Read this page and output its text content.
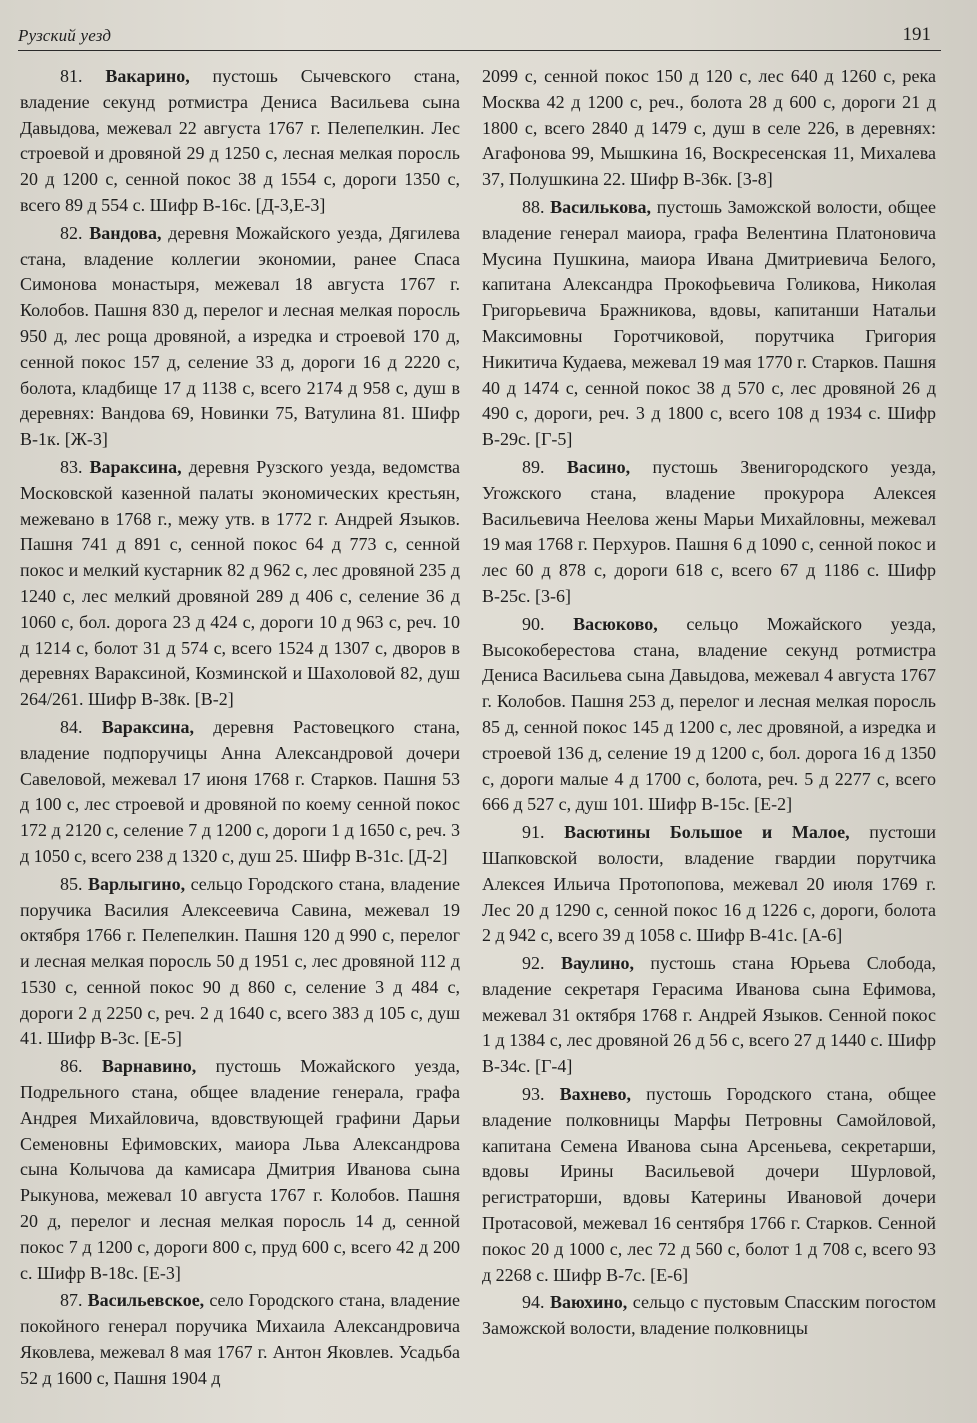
Рузский уезд	191

81. Вакарино, пустошь Сычевского стана, владение секунд ротмистра Дениса Васильева сына Давыдова, межевал 22 августа 1767 г. Пелепелкин. Лес строевой и дровяной 29 д 1250 с, лесная мелкая поросль 20 д 1200 с, сенной покос 38 д 1554 с, дороги 1350 с, всего 89 д 554 с. Шифр В-16с. [Д-3,Е-3]

82. Вандова, деревня Можайского уезда, Дягилева стана, владение коллегии экономии, ранее Спаса Симонова монастыря, межевал 18 августа 1767 г. Колобов. Пашня 830 д, перелог и лесная мелкая поросль 950 д, лес роща дровяной, а изредка и строевой 170 д, сенной покос 157 д, селение 33 д, дороги 16 д 2220 с, болота, кладбище 17 д 1138 с, всего 2174 д 958 с, душ в деревнях: Вандова 69, Новинки 75, Ватулина 81. Шифр В-1к. [Ж-3]

83. Вараксина, деревня Рузского уезда, ведомства Московской казенной палаты экономических крестьян, межевано в 1768 г., межу утв. в 1772 г. Андрей Языков. Пашня 741 д 891 с, сенной покос 64 д 773 с, сенной покос и мелкий кустарник 82 д 962 с, лес дровяной 235 д 1240 с, лес мелкий дровяной 289 д 406 с, селение 36 д 1060 с, бол. дорога 23 д 424 с, дороги 10 д 963 с, реч. 10 д 1214 с, болот 31 д 574 с, всего 1524 д 1307 с, дворов в деревнях Вараксиной, Козминской и Шахоловой 82, душ 264/261. Шифр В-38к. [В-2]

84. Вараксина, деревня Растовецкого стана, владение подпоручицы Анна Александровой дочери Савеловой, межевал 17 июня 1768 г. Старков. Пашня 53 д 100 с, лес строевой и дровяной по коему сенной покос 172 д 2120 с, селение 7 д 1200 с, дороги 1 д 1650 с, реч. 3 д 1050 с, всего 238 д 1320 с, душ 25. Шифр В-31с. [Д-2]

85. Варлыгино, сельцо Городского стана, владение поручика Василия Алексеевича Савина, межевал 19 октября 1766 г. Пелепелкин. Пашня 120 д 990 с, перелог и лесная мелкая поросль 50 д 1951 с, лес дровяной 112 д 1530 с, сенной покос 90 д 860 с, селение 3 д 484 с, дороги 2 д 2250 с, реч. 2 д 1640 с, всего 383 д 105 с, душ 41. Шифр В-3с. [Е-5]

86. Варнавино, пустошь Можайского уезда, Подрельного стана, общее владение генерала, графа Андрея Михайловича, вдовствующей графини Дарьи Семеновны Ефимовских, маиора Льва Александрова сына Колычова да камисара Дмитрия Иванова сына Рыкунова, межевал 10 августа 1767 г. Колобов. Пашня 20 д, перелог и лесная мелкая поросль 14 д, сенной покос 7 д 1200 с, дороги 800 с, пруд 600 с, всего 42 д 200 с. Шифр В-18с. [Е-3]

87. Васильевское, село Городского стана, владение покойного генерал поручика Михаила Александровича Яковлева, межевал 8 мая 1767 г. Антон Яковлев. Усадьба 52 д 1600 с, Пашня 1904 д

2099 с, сенной покос 150 д 120 с, лес 640 д 1260 с, река Москва 42 д 1200 с, реч., болота 28 д 600 с, дороги 21 д 1800 с, всего 2840 д 1479 с, душ в селе 226, в деревнях: Агафонова 99, Мышкина 16, Воскресенская 11, Михалева 37, Полушкина 22. Шифр В-36к. [3-8]

88. Василькова, пустошь Заможской волости, общее владение генерал маиора, графа Велентина Платоновича Мусина Пушкина, маиора Ивана Дмитриевича Белого, капитана Александра Прокофьевича Голикова, Николая Григорьевича Бражникова, вдовы, капитанши Натальи Максимовны Горотчиковой, порутчика Григория Никитича Кудаева, межевал 19 мая 1770 г. Старков. Пашня 40 д 1474 с, сенной покос 38 д 570 с, лес дровяной 26 д 490 с, дороги, реч. 3 д 1800 с, всего 108 д 1934 с. Шифр В-29с. [Г-5]

89. Васино, пустошь Звенигородского уезда, Угожского стана, владение прокурора Алексея Васильевича Неелова жены Марьи Михайловны, межевал 19 мая 1768 г. Перхуров. Пашня 6 д 1090 с, сенной покос и лес 60 д 878 с, дороги 618 с, всего 67 д 1186 с. Шифр В-25с. [3-6]

90. Васюково, сельцо Можайского уезда, Высокоберестова стана, владение секунд ротмистра Дениса Васильева сына Давыдова, межевал 4 августа 1767 г. Колобов. Пашня 253 д, перелог и лесная мелкая поросль 85 д, сенной покос 145 д 1200 с, лес дровяной, а изредка и строевой 136 д, селение 19 д 1200 с, бол. дорога 16 д 1350 с, дороги малые 4 д 1700 с, болота, реч. 5 д 2277 с, всего 666 д 527 с, душ 101. Шифр В-15с. [Е-2]

91. Васютины Большое и Малое, пустоши Шапковской волости, владение гвардии порутчика Алексея Ильича Протопопова, межевал 20 июля 1769 г. Лес 20 д 1290 с, сенной покос 16 д 1226 с, дороги, болота 2 д 942 с, всего 39 д 1058 с. Шифр В-41с. [А-6]

92. Ваулино, пустошь стана Юрьева Слобода, владение секретаря Герасима Иванова сына Ефимова, межевал 31 октября 1768 г. Андрей Языков. Сенной покос 1 д 1384 с, лес дровяной 26 д 56 с, всего 27 д 1440 с. Шифр В-34с. [Г-4]

93. Вахнево, пустошь Городского стана, общее владение полковницы Марфы Петровны Самойловой, капитана Семена Иванова сына Арсеньева, секретарши, вдовы Ирины Васильевой дочери Шурловой, регистраторши, вдовы Катерины Ивановой дочери Протасовой, межевал 16 сентября 1766 г. Старков. Сенной покос 20 д 1000 с, лес 72 д 560 с, болот 1 д 708 с, всего 93 д 2268 с. Шифр В-7с. [Е-6]

94. Ваюхино, сельцо с пустовым Спасским погостом Заможской волости, владение полковницы
